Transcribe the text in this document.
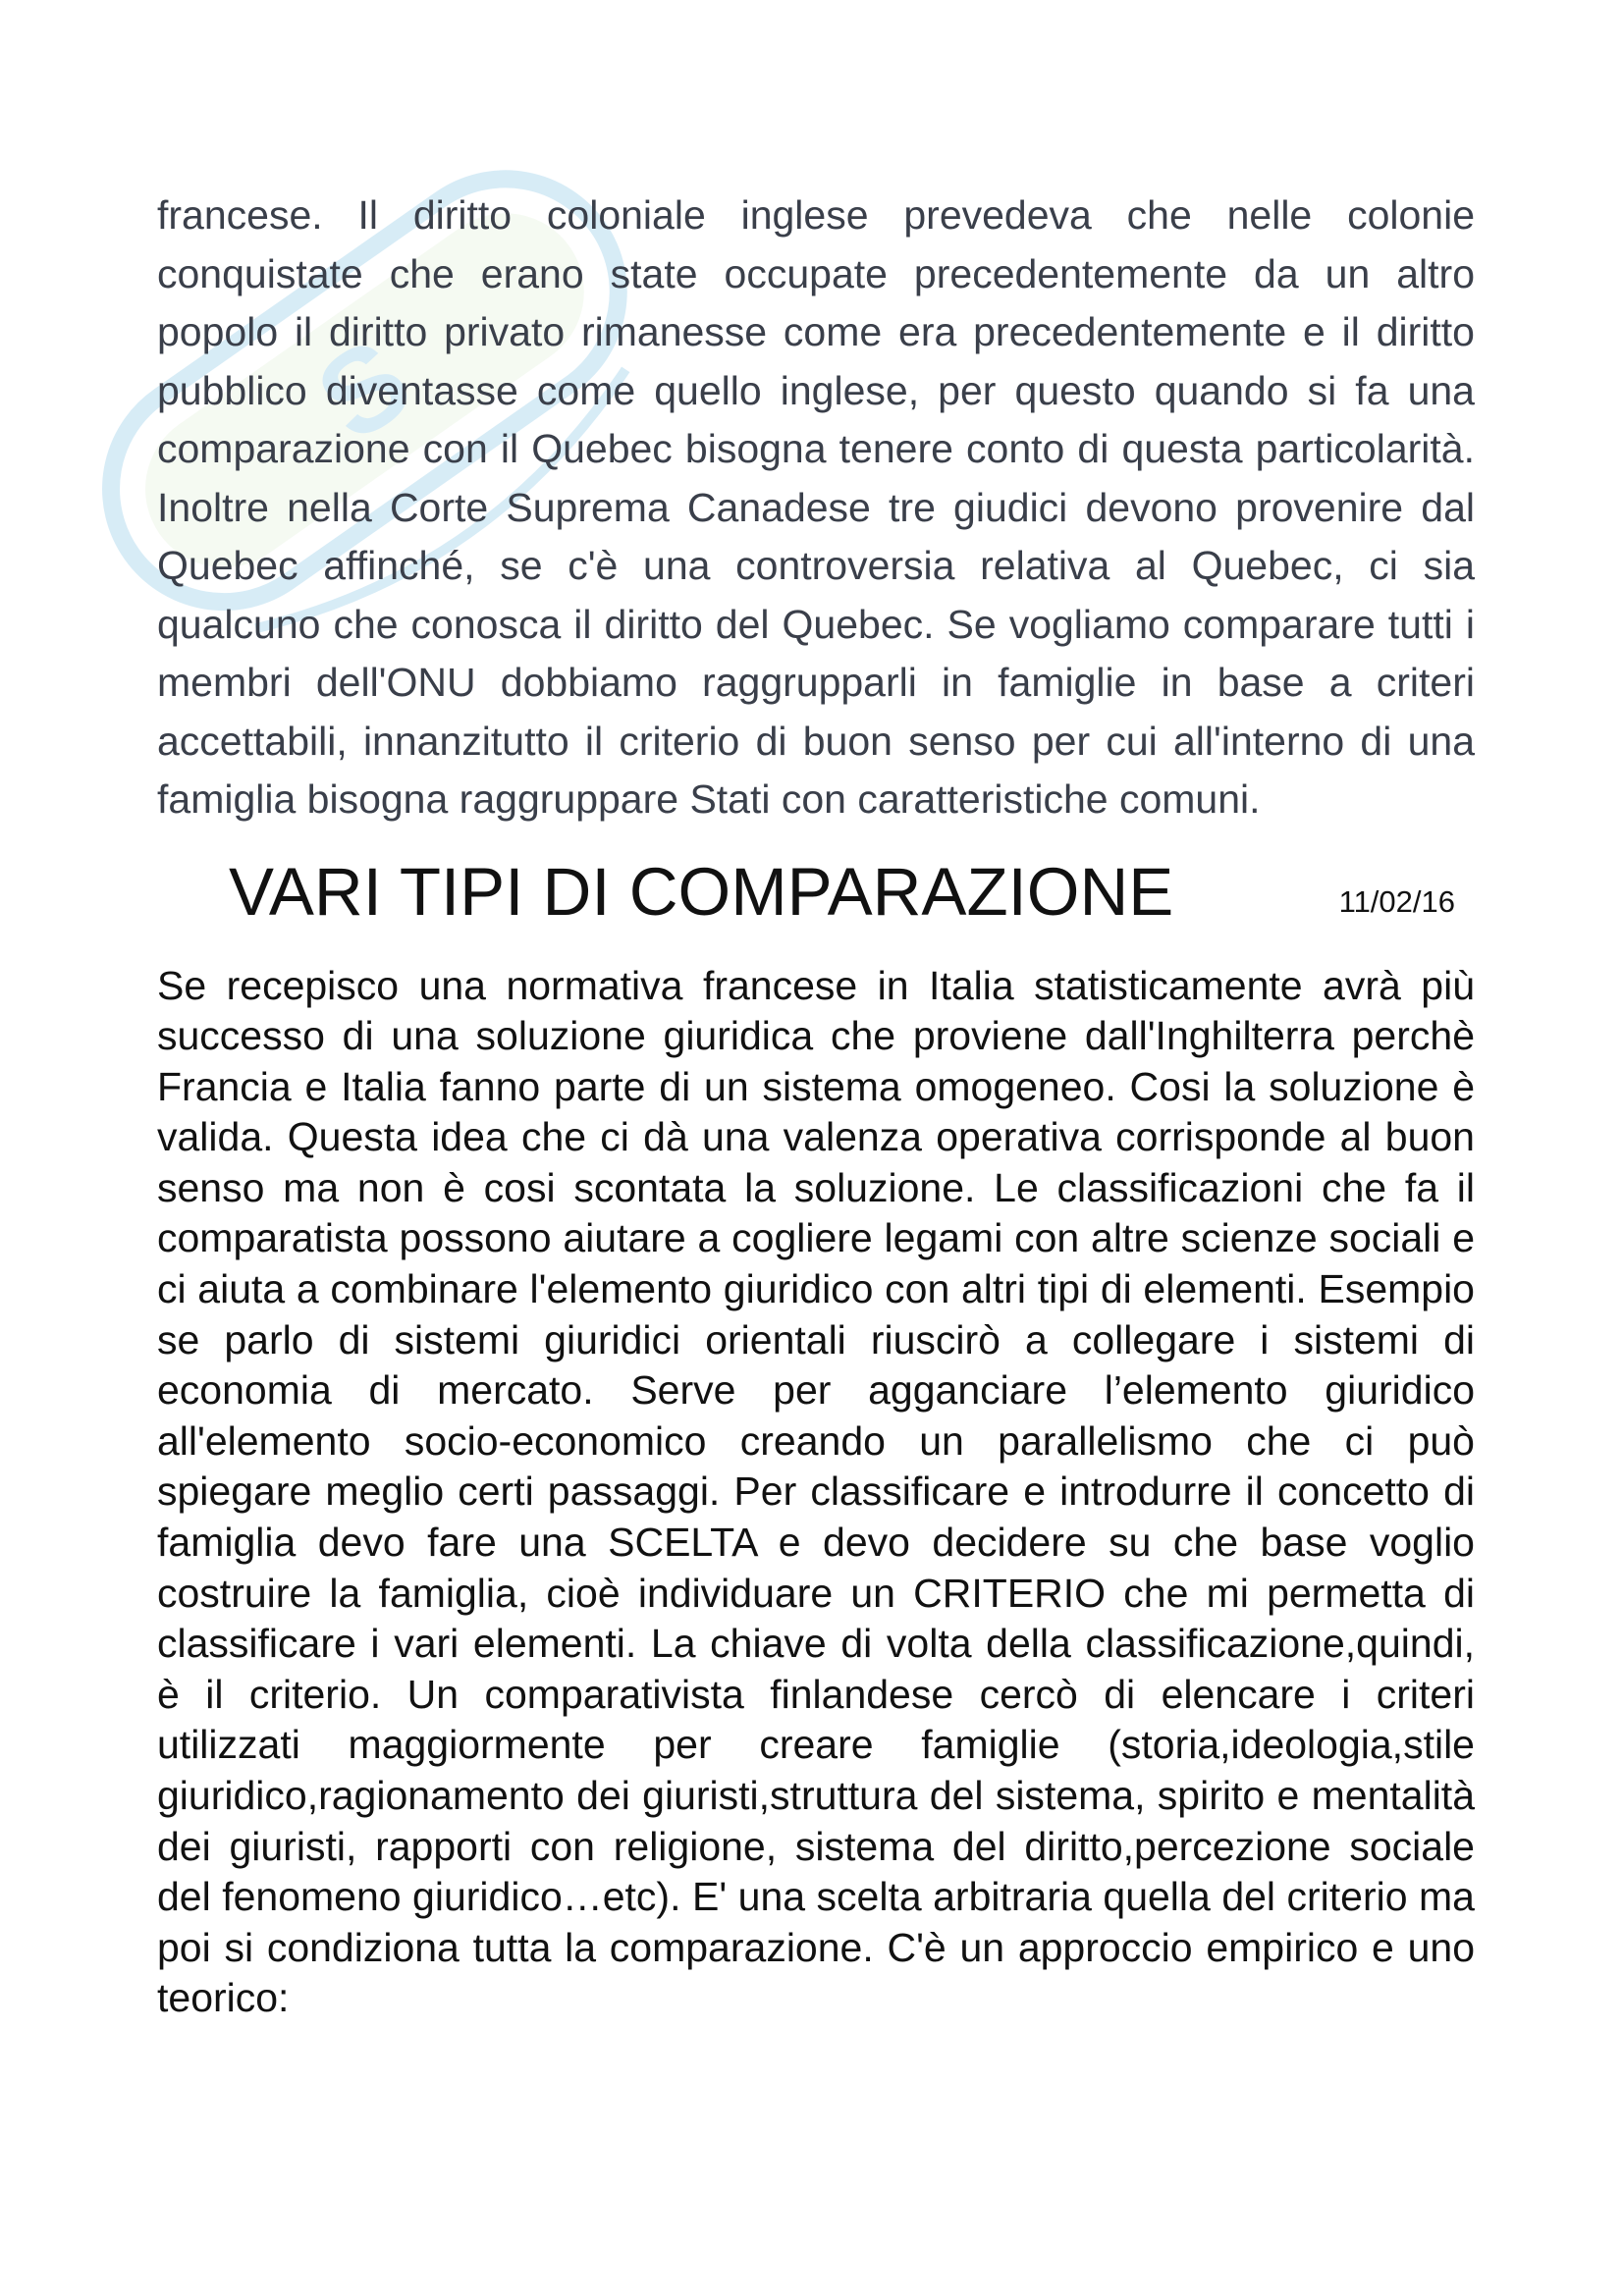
S

francese. Il diritto coloniale inglese prevedeva che nelle colonie conquistate che erano state occupate precedentemente da un altro popolo il diritto privato rimanesse come era precedentemente e il diritto pubblico diventasse come quello inglese, per questo quando si fa una comparazione con il Quebec bisogna tenere conto di questa particolarità. Inoltre nella Corte Suprema Canadese tre giudici devono provenire dal Quebec affinché, se c'è una controversia relativa al Quebec, ci sia qualcuno che conosca il diritto del Quebec. Se vogliamo comparare tutti i membri dell'ONU dobbiamo raggrupparli in famiglie in base a criteri accettabili, innanzitutto il criterio di buon senso per cui all'interno di una famiglia bisogna raggruppare Stati con caratteristiche comuni.

VARI TIPI DI COMPARAZIONE	11/02/16

Se recepisco una normativa francese in Italia statisticamente avrà più successo di una soluzione giuridica che proviene dall'Inghilterra perchè Francia e Italia fanno parte di un sistema omogeneo. Cosi la soluzione è valida. Questa idea che ci dà una valenza operativa corrisponde al buon senso ma non è cosi scontata la soluzione. Le classificazioni che fa il comparatista possono aiutare a cogliere legami con altre scienze sociali e ci aiuta a combinare l'elemento giuridico con altri tipi di elementi. Esempio se parlo di sistemi giuridici orientali riuscirò a collegare i sistemi di economia di mercato. Serve per agganciare l’elemento giuridico all'elemento socio-economico creando un parallelismo che ci può spiegare meglio certi passaggi. Per classificare e introdurre il concetto di famiglia devo fare una SCELTA e devo decidere su che base voglio costruire la famiglia, cioè individuare un CRITERIO che mi permetta di classificare i vari elementi. La chiave di volta della classificazione,quindi, è il criterio. Un comparativista finlandese cercò di elencare i criteri utilizzati maggiormente per creare famiglie (storia,ideologia,stile giuridico,ragionamento dei giuristi,struttura del sistema, spirito e mentalità dei giuristi, rapporti con religione, sistema del diritto,percezione sociale del fenomeno giuridico…etc). E' una scelta arbitraria quella del criterio ma poi si condiziona tutta la comparazione. C'è un approccio empirico e uno teorico:
